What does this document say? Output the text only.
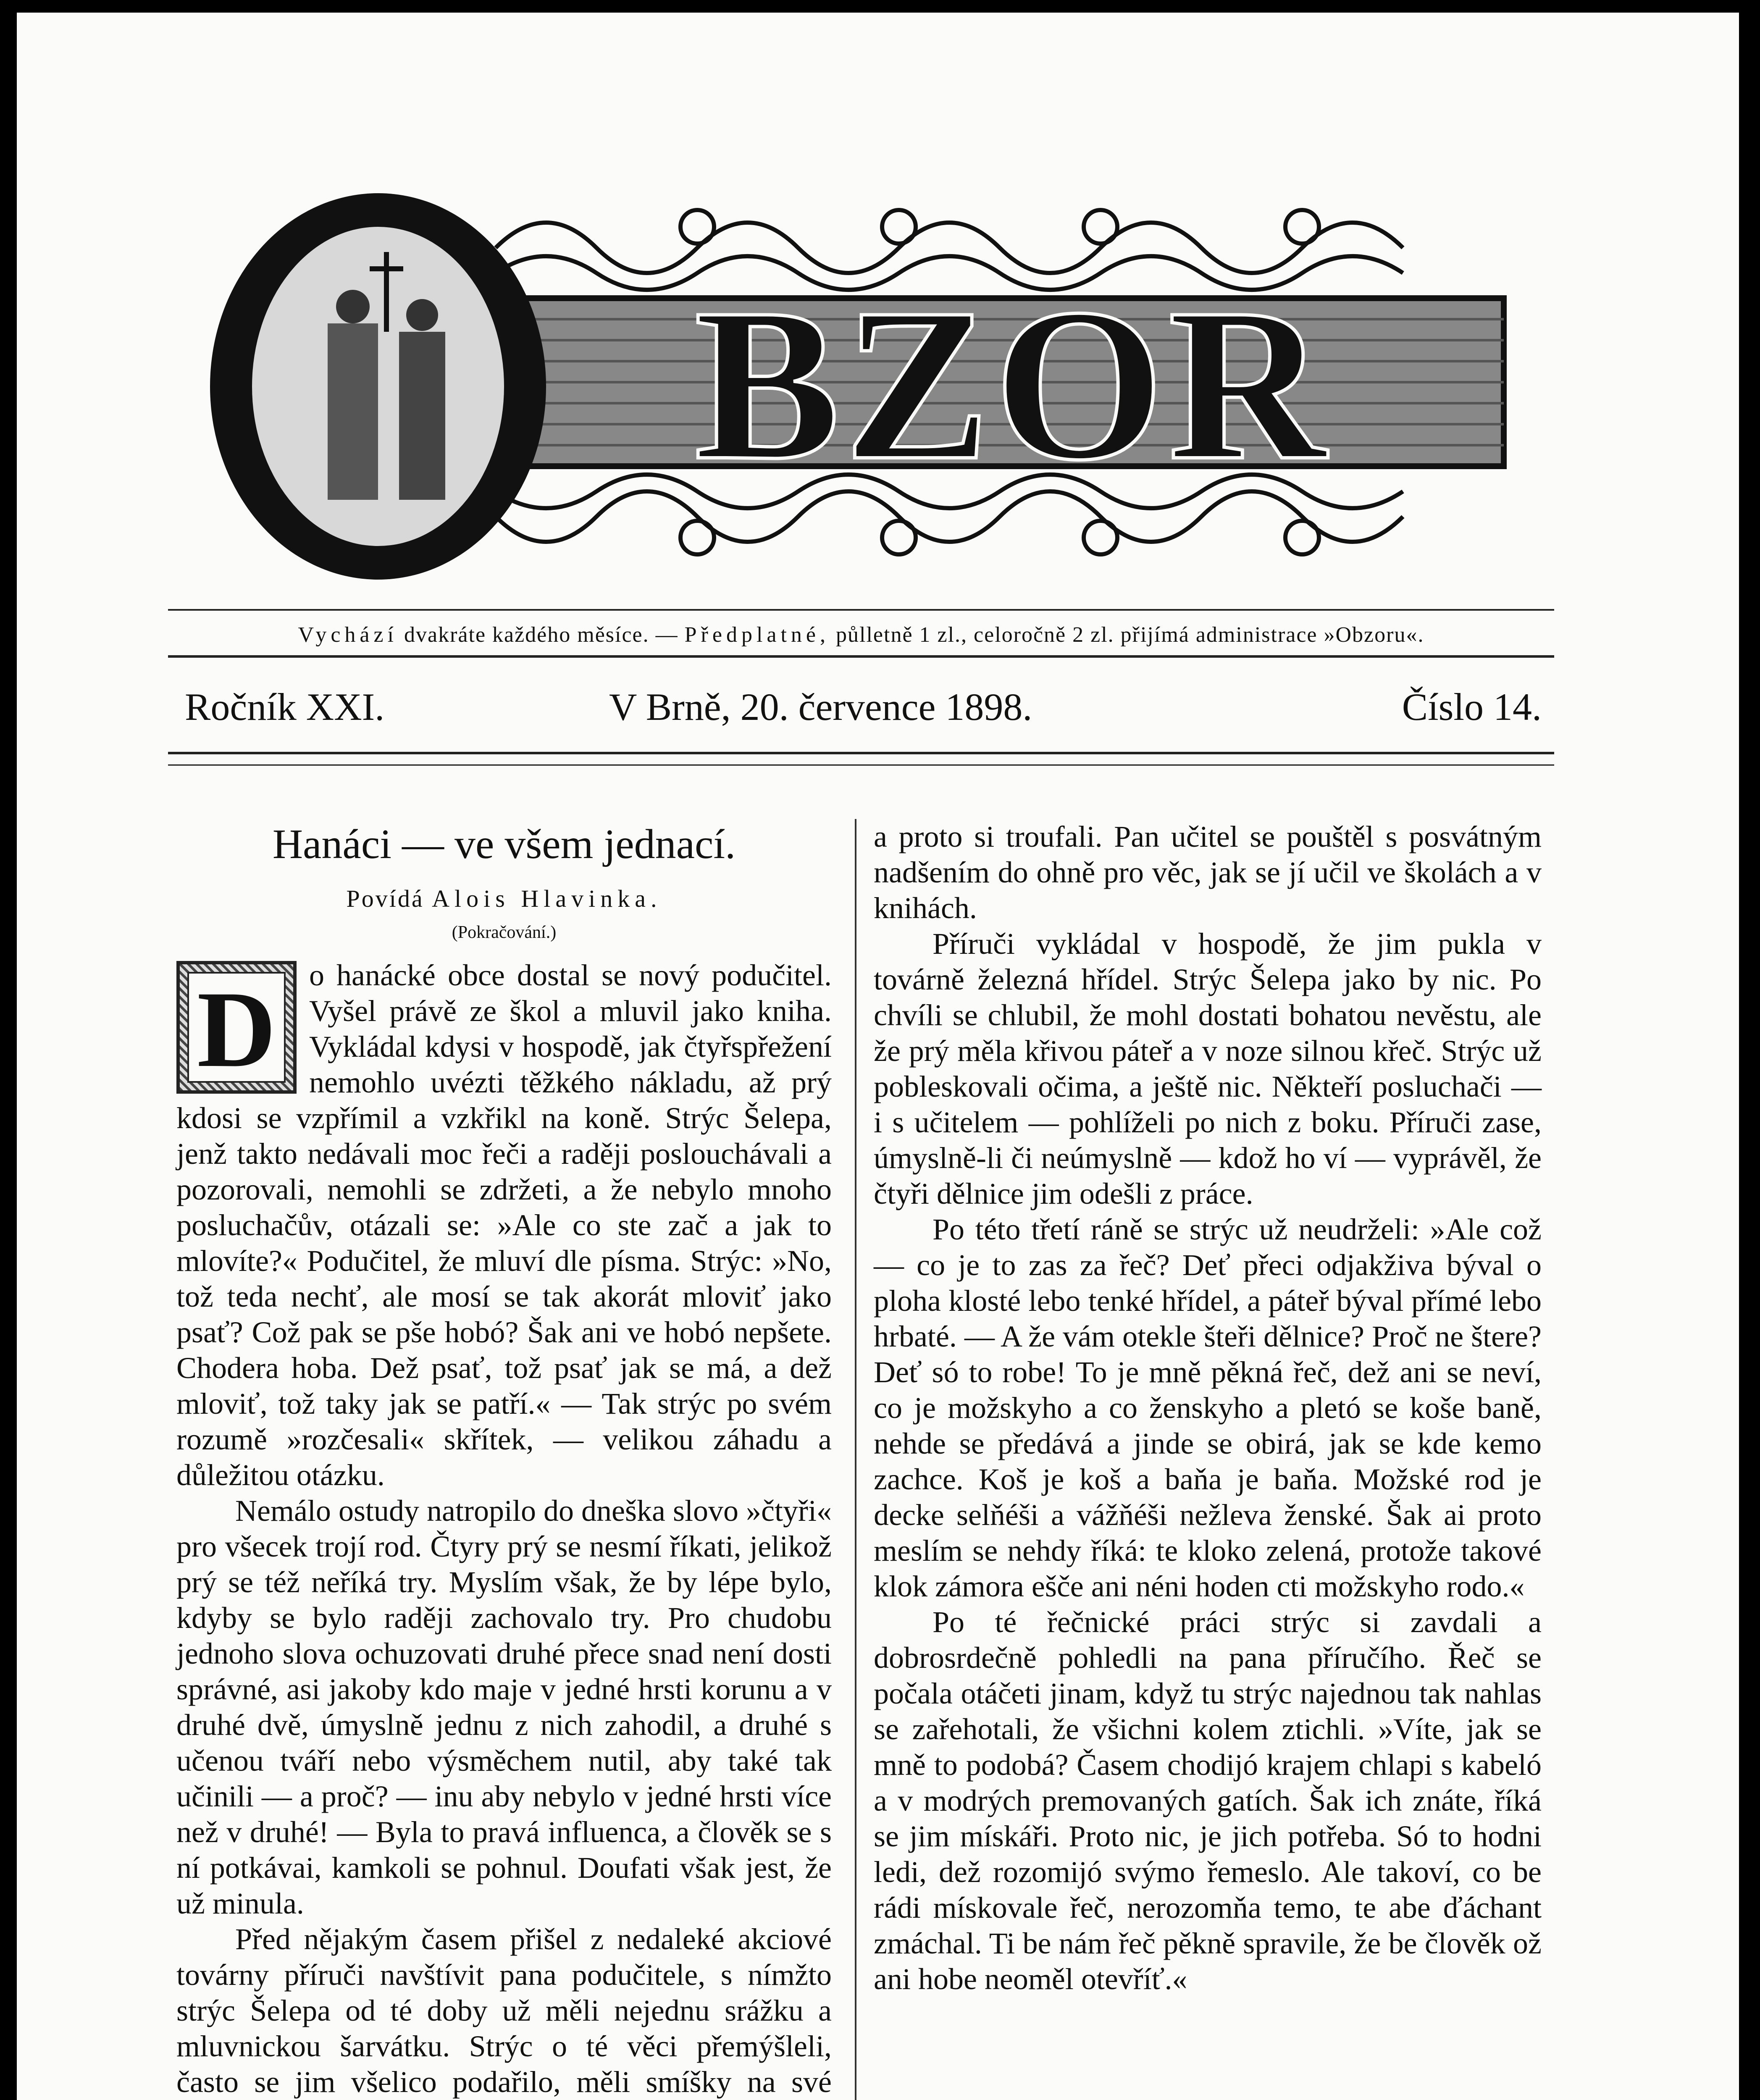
BZOR
Vychází dvakráte každého měsíce. — Předplatné, půlletně 1 zl., celoročně 2 zl. přijímá administrace »Obzoru«.
Ročník XXI.	V Brně, 20. července 1898.	Číslo 14.
Hanáci — ve všem jednací.

Povídá Alois Hlavinka.

(Pokračování.)

D	o hanácké obce dostal se nový podučitel. Vyšel právě ze škol a mluvil jako kniha. Vykládal kdysi v hospodě, jak čtyřspřežení nemohlo uvézti těžkého nákladu, až prý kdosi se vzpřímil a vzkřikl na koně. Strýc Šelepa, jenž takto nedávali moc řeči a raději poslouchávali a pozorovali, nemohli se zdržeti, a že nebylo mnoho posluchačův, otázali se: »Ale co ste zač a jak to mlovíte?« Podučitel, že mluví dle písma. Strýc: »No, tož teda nechť, ale mosí se tak akorát mloviť jako psať? Což pak se pše hobó? Šak ani ve hobó nepšete. Chodera hoba. Dež psať, tož psať jak se má, a dež mloviť, tož taky jak se patří.« — Tak strýc po svém rozumě »rozčesali« skřítek, — velikou záhadu a důležitou otázku.

Nemálo ostudy natropilo do dneška slovo »čtyři« pro všecek trojí rod. Čtyry prý se nesmí říkati, jelikož prý se též neříká try. Myslím však, že by lépe bylo, kdyby se bylo raději zachovalo try. Pro chudobu jednoho slova ochuzovati druhé přece snad není dosti správné, asi jakoby kdo maje v jedné hrsti korunu a v druhé dvě, úmyslně jednu z nich zahodil, a druhé s učenou tváří nebo výsměchem nutil, aby také tak učinili — a proč? — inu aby nebylo v jedné hrsti více než v druhé! — Byla to pravá influenca, a člověk se s ní potkávai, kamkoli se pohnul. Doufati však jest, že už minula.

Před nějakým časem přišel z nedaleké akciové továrny příruči navštívit pana podučitele, s nímžto strýc Šelepa od té doby už měli nejednu srážku a mluvnickou šarvátku. Strýc o té věci přemýšleli, často se jim všelico podařilo, měli smíšky na své

a proto si troufali. Pan učitel se pouštěl s posvátným nadšením do ohně pro věc, jak se jí učil ve školách a v knihách.

Příruči vykládal v hospodě, že jim pukla v továrně železná hřídel. Strýc Šelepa jako by nic. Po chvíli se chlubil, že mohl dostati bohatou nevěstu, ale že prý měla křivou páteř a v noze silnou křeč. Strýc už pobleskovali očima, a ještě nic. Někteří posluchači — i s učitelem — pohlíželi po nich z boku. Příruči zase, úmyslně-li či neúmyslně — kdož ho ví — vyprávěl, že čtyři dělnice jim odešli z práce.

Po této třetí ráně se strýc už neudrželi: »Ale což — co je to zas za řeč? Deť přeci odjakživa býval o ploha klosté lebo tenké hřídel, a páteř býval přímé lebo hrbaté. — A že vám otekle šteři dělnice? Proč ne štere? Deť só to robe! To je mně pěkná řeč, dež ani se neví, co je možskyho a co ženskyho a pletó se koše baně, nehde se předává a jinde se obirá, jak se kde kemo zachce. Koš je koš a baňa je baňa. Možské rod je decke selňéši a vážňéši nežleva ženské. Šak ai proto meslím se nehdy říká: te kloko zelená, protože takové klok zámora ešče ani néni hoden cti možskyho rodo.«

Po té řečnické práci strýc si zavdali a dobrosrdečně pohledli na pana příručího. Řeč se počala otáčeti jinam, když tu strýc najednou tak nahlas se zařehotali, že všichni kolem ztichli. »Víte, jak se mně to podobá? Časem chodijó krajem chlapi s kabeló a v modrých premovaných gatích. Šak ich znáte, říká se jim mískáři. Proto nic, je jich potřeba. Só to hodni ledi, dež rozomijó svýmo řemeslo. Ale takoví, co be rádi mískovale řeč, nerozomňa temo, te abe ďáchant zmáchal. Ti be nám řeč pěkně spravile, že be člověk ož ani hobe neoměl otevříť.«
